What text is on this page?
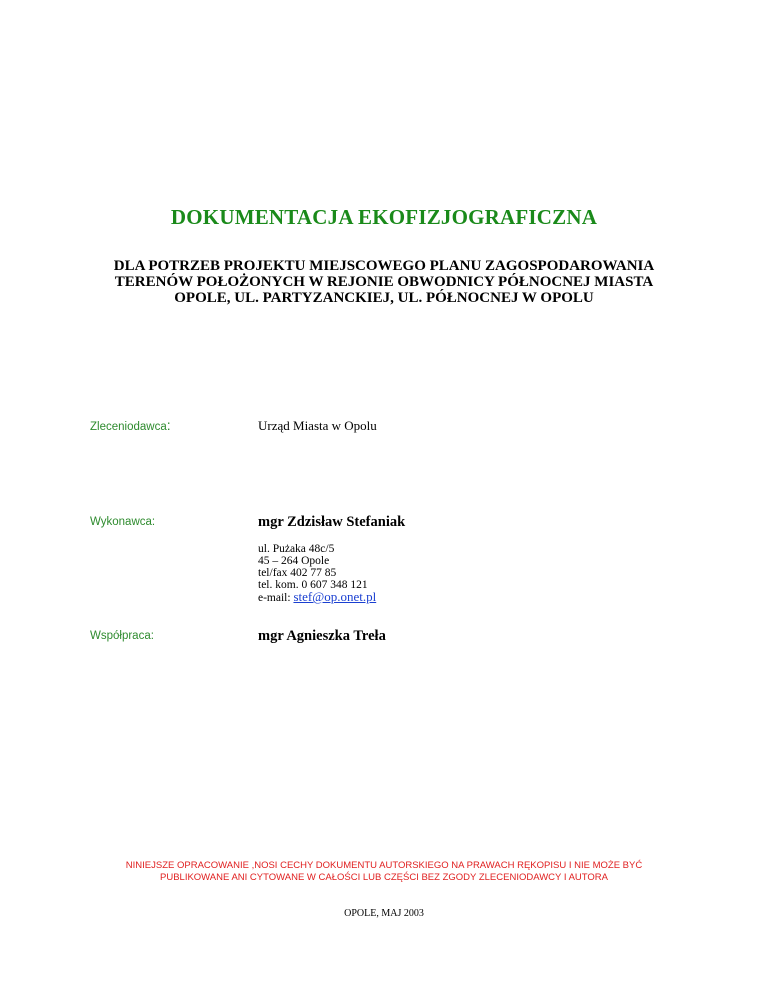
DOKUMENTACJA EKOFIZJOGRAFICZNA
DLA POTRZEB PROJEKTU MIEJSCOWEGO PLANU ZAGOSPODAROWANIA
TERENÓW POŁOŻONYCH W REJONIE OBWODNICY PÓŁNOCNEJ MIASTA
OPOLE, UL. PARTYZANCKIEJ, UL. PÓŁNOCNEJ W OPOLU
Zleceniodawca:	Urząd Miasta w Opolu
Wykonawca:	mgr Zdzisław Stefaniak
ul. Pużaka 48c/5
45 – 264 Opole
tel/fax 402 77 85
tel. kom. 0 607 348 121
e-mail: stef@op.onet.pl
Współpraca:	mgr Agnieszka Treła
NINIEJSZE OPRACOWANIE ,NOSI CECHY DOKUMENTU AUTORSKIEGO NA PRAWACH RĘKOPISU I NIE MOŻE BYĆ
PUBLIKOWANE ANI CYTOWANE W CAŁOŚCI LUB CZĘŚCI BEZ ZGODY ZLECENIODAWCY I AUTORA
OPOLE, MAJ 2003
